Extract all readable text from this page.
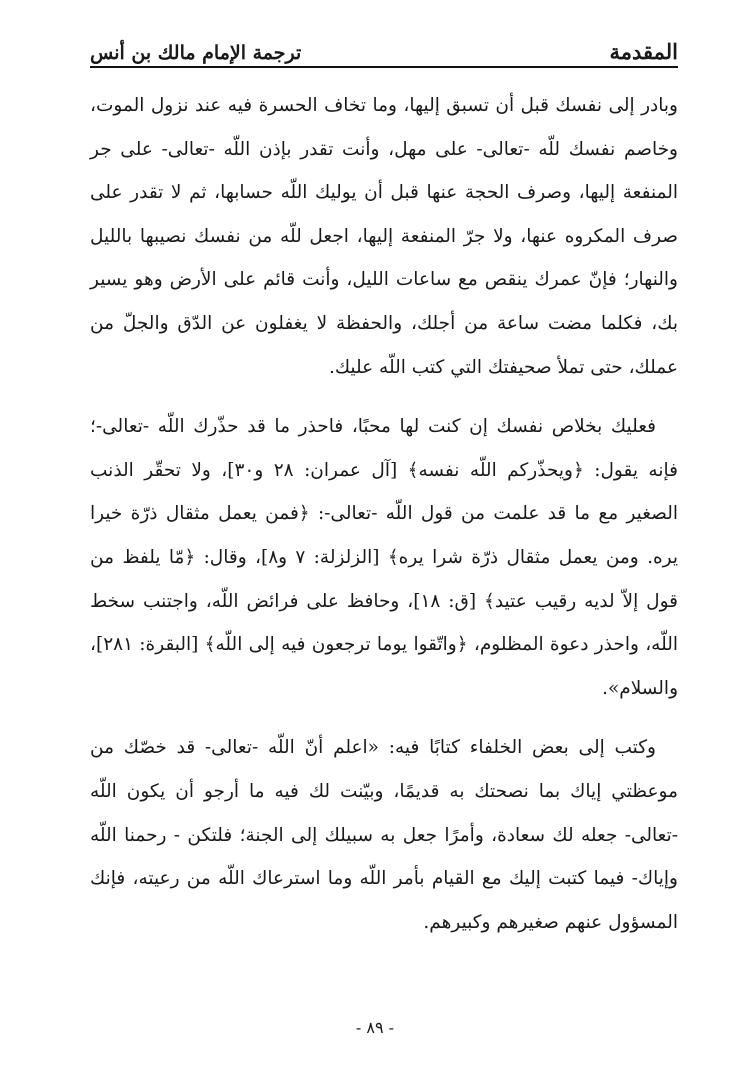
المقدمة
ترجمة الإمام مالك بن أنس

وبادر إلى نفسك قبل أن تسبق إليها، وما تخاف الحسرة فيه عند نزول الموت، وخاصم نفسك للّه -تعالى- على مهل، وأنت تقدر بإذن اللّه -تعالى- على جر المنفعة إليها، وصرف الحجة عنها قبل أن يوليك اللّه حسابها، ثم لا تقدر على صرف المكروه عنها، ولا جرّ المنفعة إليها، اجعل للّه من نفسك نصيبها بالليل والنهار؛ فإنّ عمرك ينقص مع ساعات الليل، وأنت قائم على الأرض وهو يسير بك، فكلما مضت ساعة من أجلك، والحفظة لا يغفلون عن الدّق والجلّ من عملك، حتى تملأ صحيفتك التي كتب اللّه عليك.

فعليك بخلاص نفسك إن كنت لها محبًا، فاحذر ما قد حذّرك اللّه -تعالى-؛ فإنه يقول: ﴿ويحذّركم اللّه نفسه﴾ [آل عمران: ٢٨ و٣٠]، ولا تحقّر الذنب الصغير مع ما قد علمت من قول اللّه -تعالى-: ﴿فمن يعمل مثقال ذرّة خيرا يره. ومن يعمل مثقال ذرّة شرا يره﴾ [الزلزلة: ٧ و٨]، وقال: ﴿مّا يلفظ من قول إلاّ لديه رقيب عتيد﴾ [ق: ١٨]، وحافظ على فرائض اللّه، واجتنب سخط اللّه، واحذر دعوة المظلوم، ﴿واتّقوا يوما ترجعون فيه إلى اللّه﴾ [البقرة: ٢٨١]، والسلام».

وكتب إلى بعض الخلفاء كتابًا فيه: «اعلم أنّ اللّه -تعالى- قد خصّك من موعظتي إياك بما نصحتك به قديمًا، وبيّنت لك فيه ما أرجو أن يكون اللّه -تعالى- جعله لك سعادة، وأمرًا جعل به سبيلك إلى الجنة؛ فلتكن - رحمنا اللّه وإياك- فيما كتبت إليك مع القيام بأمر اللّه وما استرعاك اللّه من رعيته، فإنك المسؤول عنهم صغيرهم وكبيرهم.

- ٨٩ -
